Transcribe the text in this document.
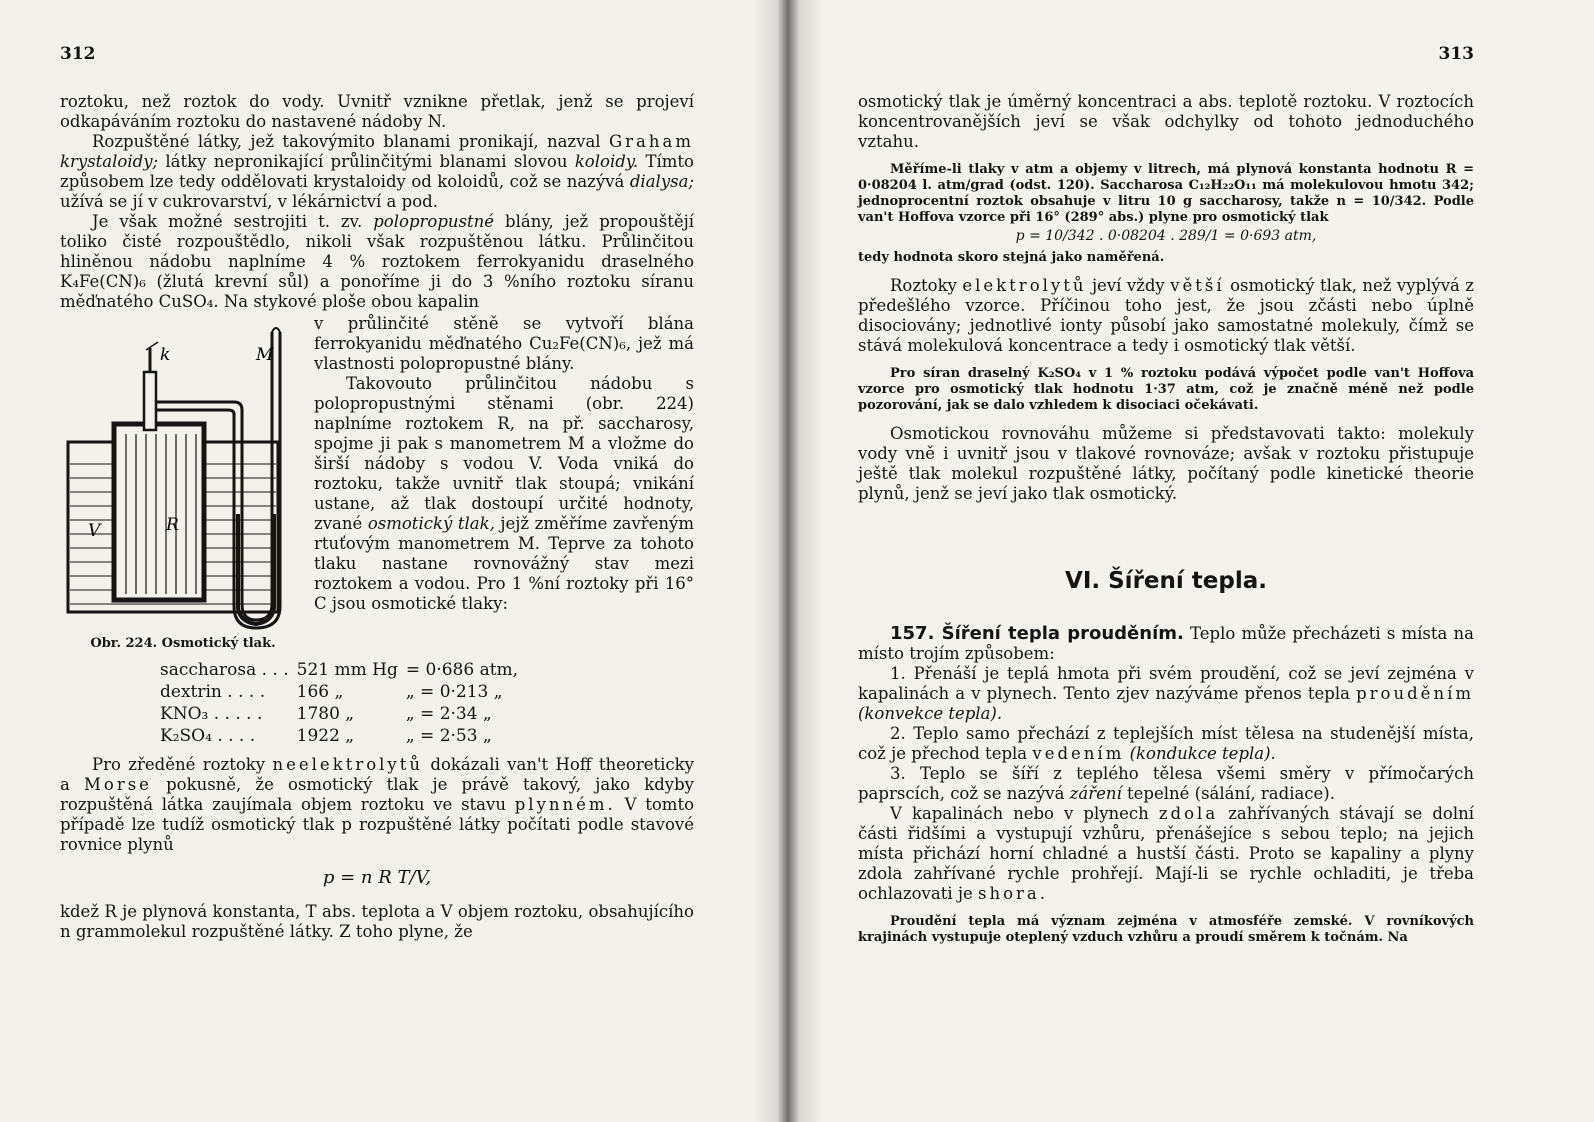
312

roztoku, než roztok do vody. Uvnitř vznikne přetlak, jenž se projeví odkapáváním roztoku do nastavené nádoby N.

Rozpuštěné látky, jež takovýmito blanami pronikají, nazval Graham krystaloidy; látky nepronikající průlinčitými blanami slovou koloidy. Tímto způsobem lze tedy oddělovati krystaloidy od koloidů, což se nazývá dialysa; užívá se jí v cukrovarství, v lékárnictví a pod.

Je však možné sestrojiti t. zv. polopropustné blány, jež propouštějí toliko čisté rozpouštědlo, nikoli však rozpuštěnou látku. Průlinčitou hliněnou nádobu naplníme 4 % roztokem ferrokyanidu draselného K₄Fe(CN)₆ (žlutá krevní sůl) a ponoříme ji do 3 %ního roztoku síranu měďnatého CuSO₄. Na stykové ploše obou kapalin

k	M
V	R
Obr. 224. Osmotický tlak.

v průlinčité stěně se vytvoří blána ferrokyanidu měďnatého Cu₂Fe(CN)₆, jež má vlastnosti polopropustné blány.

Takovouto průlinčitou nádobu s polopropustnými stěnami (obr. 224) naplníme roztokem R, na př. saccharosy, spojme ji pak s manometrem M a vložme do širší nádoby s vodou V. Voda vniká do roztoku, takže uvnitř tlak stoupá; vnikání ustane, až tlak dostoupí určité hodnoty, zvané osmotický tlak, jejž změříme zavřeným rtuťovým manometrem M. Teprve za tohoto tlaku nastane rovnovážný stav mezi roztokem a vodou. Pro 1 %ní roztoky při 16° C jsou osmotické tlaky:

saccharosa . . .	521 mm Hg	= 0·686 atm,
dextrin . . . .	166 „	„ = 0·213 „
KNO₃ . . . . .	1780 „	„ = 2·34 „
K₂SO₄ . . . .	1922 „	„ = 2·53 „

Pro zředěné roztoky neelektrolytů dokázali van't Hoff theoreticky a Morse pokusně, že osmotický tlak je právě takový, jako kdyby rozpuštěná látka zaujímala objem roztoku ve stavu plynném. V tomto případě lze tudíž osmotický tlak p rozpuštěné látky počítati podle stavové rovnice plynů

p = n R T/V,

kdež R je plynová konstanta, T abs. teplota a V objem roztoku, obsahujícího n grammolekul rozpuštěné látky. Z toho plyne, že

313

osmotický tlak je úměrný koncentraci a abs. teplotě roztoku. V roztocích koncentrovanějších jeví se však odchylky od tohoto jednoduchého vztahu.

Měříme-li tlaky v atm a objemy v litrech, má plynová konstanta hodnotu R = 0·08204 l. atm/grad (odst. 120). Saccharosa C₁₂H₂₂O₁₁ má molekulovou hmotu 342; jednoprocentní roztok obsahuje v litru 10 g saccharosy, takže n = 10/342. Podle van't Hoffova vzorce při 16° (289° abs.) plyne pro osmotický tlak

p = 10/342 . 0·08204 . 289/1 = 0·693 atm,

tedy hodnota skoro stejná jako naměřená.

Roztoky elektrolytů jeví vždy větší osmotický tlak, než vyplývá z předešlého vzorce. Příčinou toho jest, že jsou zčásti nebo úplně disociovány; jednotlivé ionty působí jako samostatné molekuly, čímž se stává molekulová koncentrace a tedy i osmotický tlak větší.

Pro síran draselný K₂SO₄ v 1 % roztoku podává výpočet podle van't Hoffova vzorce pro osmotický tlak hodnotu 1·37 atm, což je značně méně než podle pozorování, jak se dalo vzhledem k disociaci očekávati.

Osmotickou rovnováhu můžeme si představovati takto: molekuly vody vně i uvnitř jsou v tlakové rovnováze; avšak v roztoku přistupuje ještě tlak molekul rozpuštěné látky, počítaný podle kinetické theorie plynů, jenž se jeví jako tlak osmotický.

VI. Šíření tepla.

157. Šíření tepla prouděním. Teplo může přecházeti s místa na místo trojím způsobem:

1. Přenáší je teplá hmota při svém proudění, což se jeví zejména v kapalinách a v plynech. Tento zjev nazýváme přenos tepla prouděním (konvekce tepla).

2. Teplo samo přechází z teplejších míst tělesa na studenější místa, což je přechod tepla vedením (kondukce tepla).

3. Teplo se šíří z teplého tělesa všemi směry v přímočarých paprscích, což se nazývá záření tepelné (sálání, radiace).

V kapalinách nebo v plynech zdola zahřívaných stávají se dolní části řidšími a vystupují vzhůru, přenášejíce s sebou teplo; na jejich místa přichází horní chladné a hustší části. Proto se kapaliny a plyny zdola zahřívané rychle prohřejí. Mají-li se rychle ochladiti, je třeba ochlazovati je shora.

Proudění tepla má význam zejména v atmosféře zemské. V rovníkových krajinách vystupuje oteplený vzduch vzhůru a proudí směrem k točnám. Na
